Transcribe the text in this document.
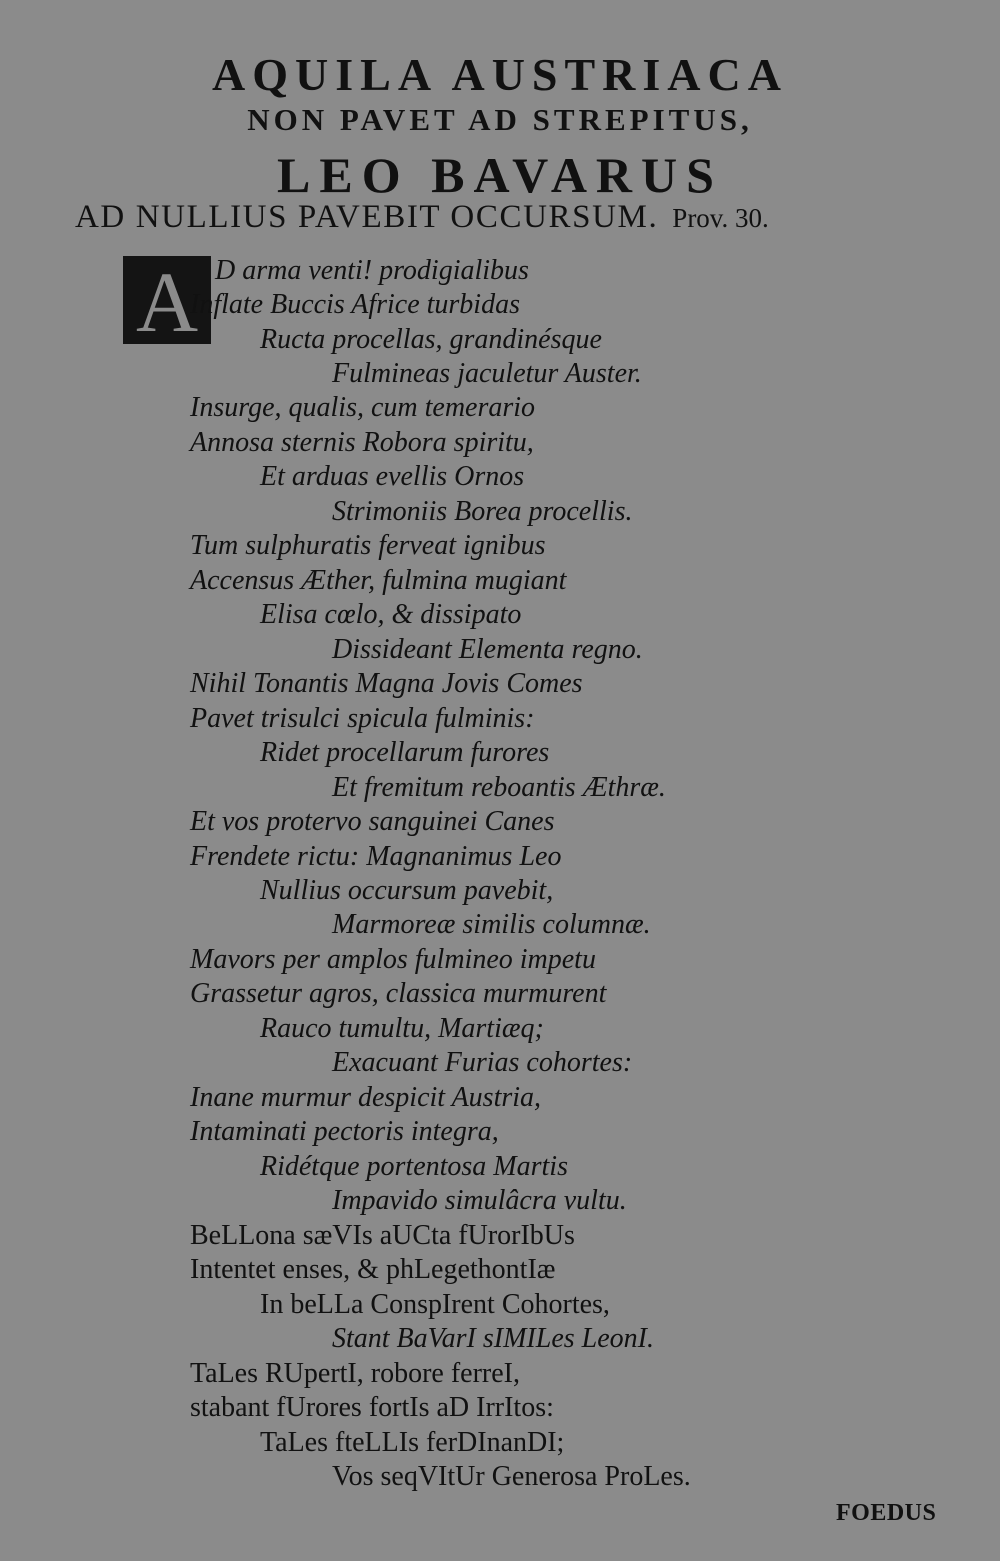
AQUILA AUSTRIACA
NON PAVET AD STREPITUS,
LEO BAVARUS
AD NULLIUS PAVEBIT OCCURSUM. Prov. 30.
A D arma venti! prodigialibus
Inflate Buccis Africe turbidas
Ructa procellas, grandinésque
Fulmineas jaculetur Auster.
Insurge, qualis, cum temerario
Annosa sternis Robora spiritu,
Et arduas evellis Ornos
Strimoniis Borea procellis.
Tum sulphuratis ferveat ignibus
Accensus Æther, fulmina mugiant
Elisa cœlo, & dissipato
Dissideant Elementa regno.
Nihil Tonantis Magna Jovis Comes
Pavet trisulci spicula fulminis:
Ridet procellarum furores
Et fremitum reboantis Æthræ.
Et vos protervo sanguinei Canes
Frendete rictu: Magnanimus Leo
Nullius occursum pavebit,
Marmoreæ similis columnæ.
Mavors per amplos fulmineo impetu
Grassetur agros, classica murmurent
Rauco tumultu, Martiæq;
Exacuant Furias cohortes:
Inane murmur despicit Austria,
Intaminati pectoris integra,
Ridétque portentosa Martis
Impavido simulâcra vultu.
BeLLona sæVIs aUCta fUrorIbUs
Intentet enses, & phLegethontIæ
In beLLa ConspIrent Cohortes,
Stant BaVarI sIMILes LeonI.
TaLes RUpertI, robore ferreI,
stabant fUrores fortIs aD IrrItos:
TaLes fteLLIs ferDInanDI;
Vos seqVItUr Generosa ProLes.
FOEDUS
